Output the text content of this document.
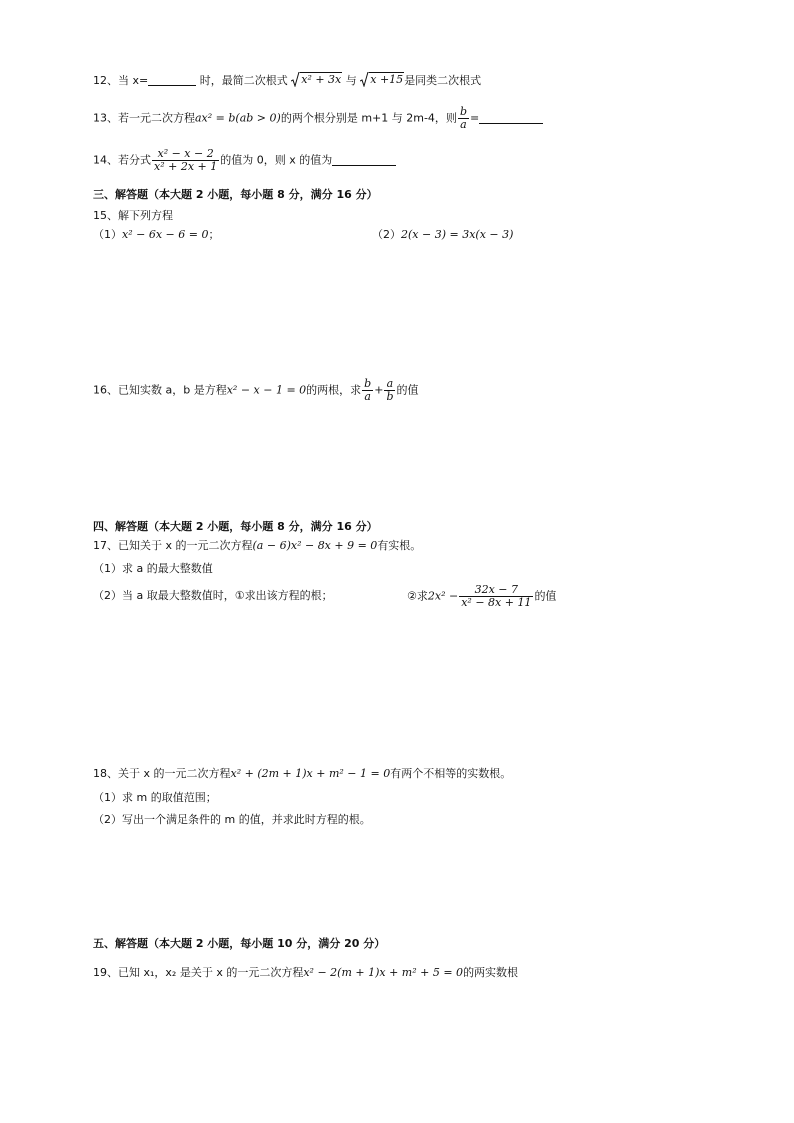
12、当 x=	时，最简二次根式 x² + 3x 与 x +15 是同类二次根式
13、若一元二次方程ax² = b(ab > 0)的两个根分别是 m+1 与 2m-4，则 $\frac{b}{a}$ =
14、若分式 $\frac{\text{x² − x − 2}}{\text{x² + 2x + 1}}$ 的值为 0，则 x 的值为
三、解答题（本大题 2 小题，每小题 8 分，满分 16 分）
15、解下列方程
（1）x² − 6x − 6 = 0；	（2）2(x − 3) = 3x(x − 3)
16、已知实数 a，b 是方程x² − x − 1 = 0的两根，求 $\frac{b}{a} + \frac{a}{b}$ 的值
四、解答题（本大题 2 小题，每小题 8 分，满分 16 分）
17、已知关于 x 的一元二次方程(a − 6)x² − 8x + 9 = 0有实根。
（1）求 a 的最大整数值
（2）当 a 取最大整数值时，①求出该方程的根；	②求$2x^2 - \frac{32x - 7}{\text{x² − 8x + 11}}$ 的值
18、关于 x 的一元二次方程x² + (2m + 1)x + m² − 1 = 0有两个不相等的实数根。
（1）求 m 的取值范围；
（2）写出一个满足条件的 m 的值，并求此时方程的根。
五、解答题（本大题 2 小题，每小题 10 分，满分 20 分）
19、已知 x₁，x₂ 是关于 x 的一元二次方程x² − 2(m + 1)x + m² + 5 = 0的两实数根
